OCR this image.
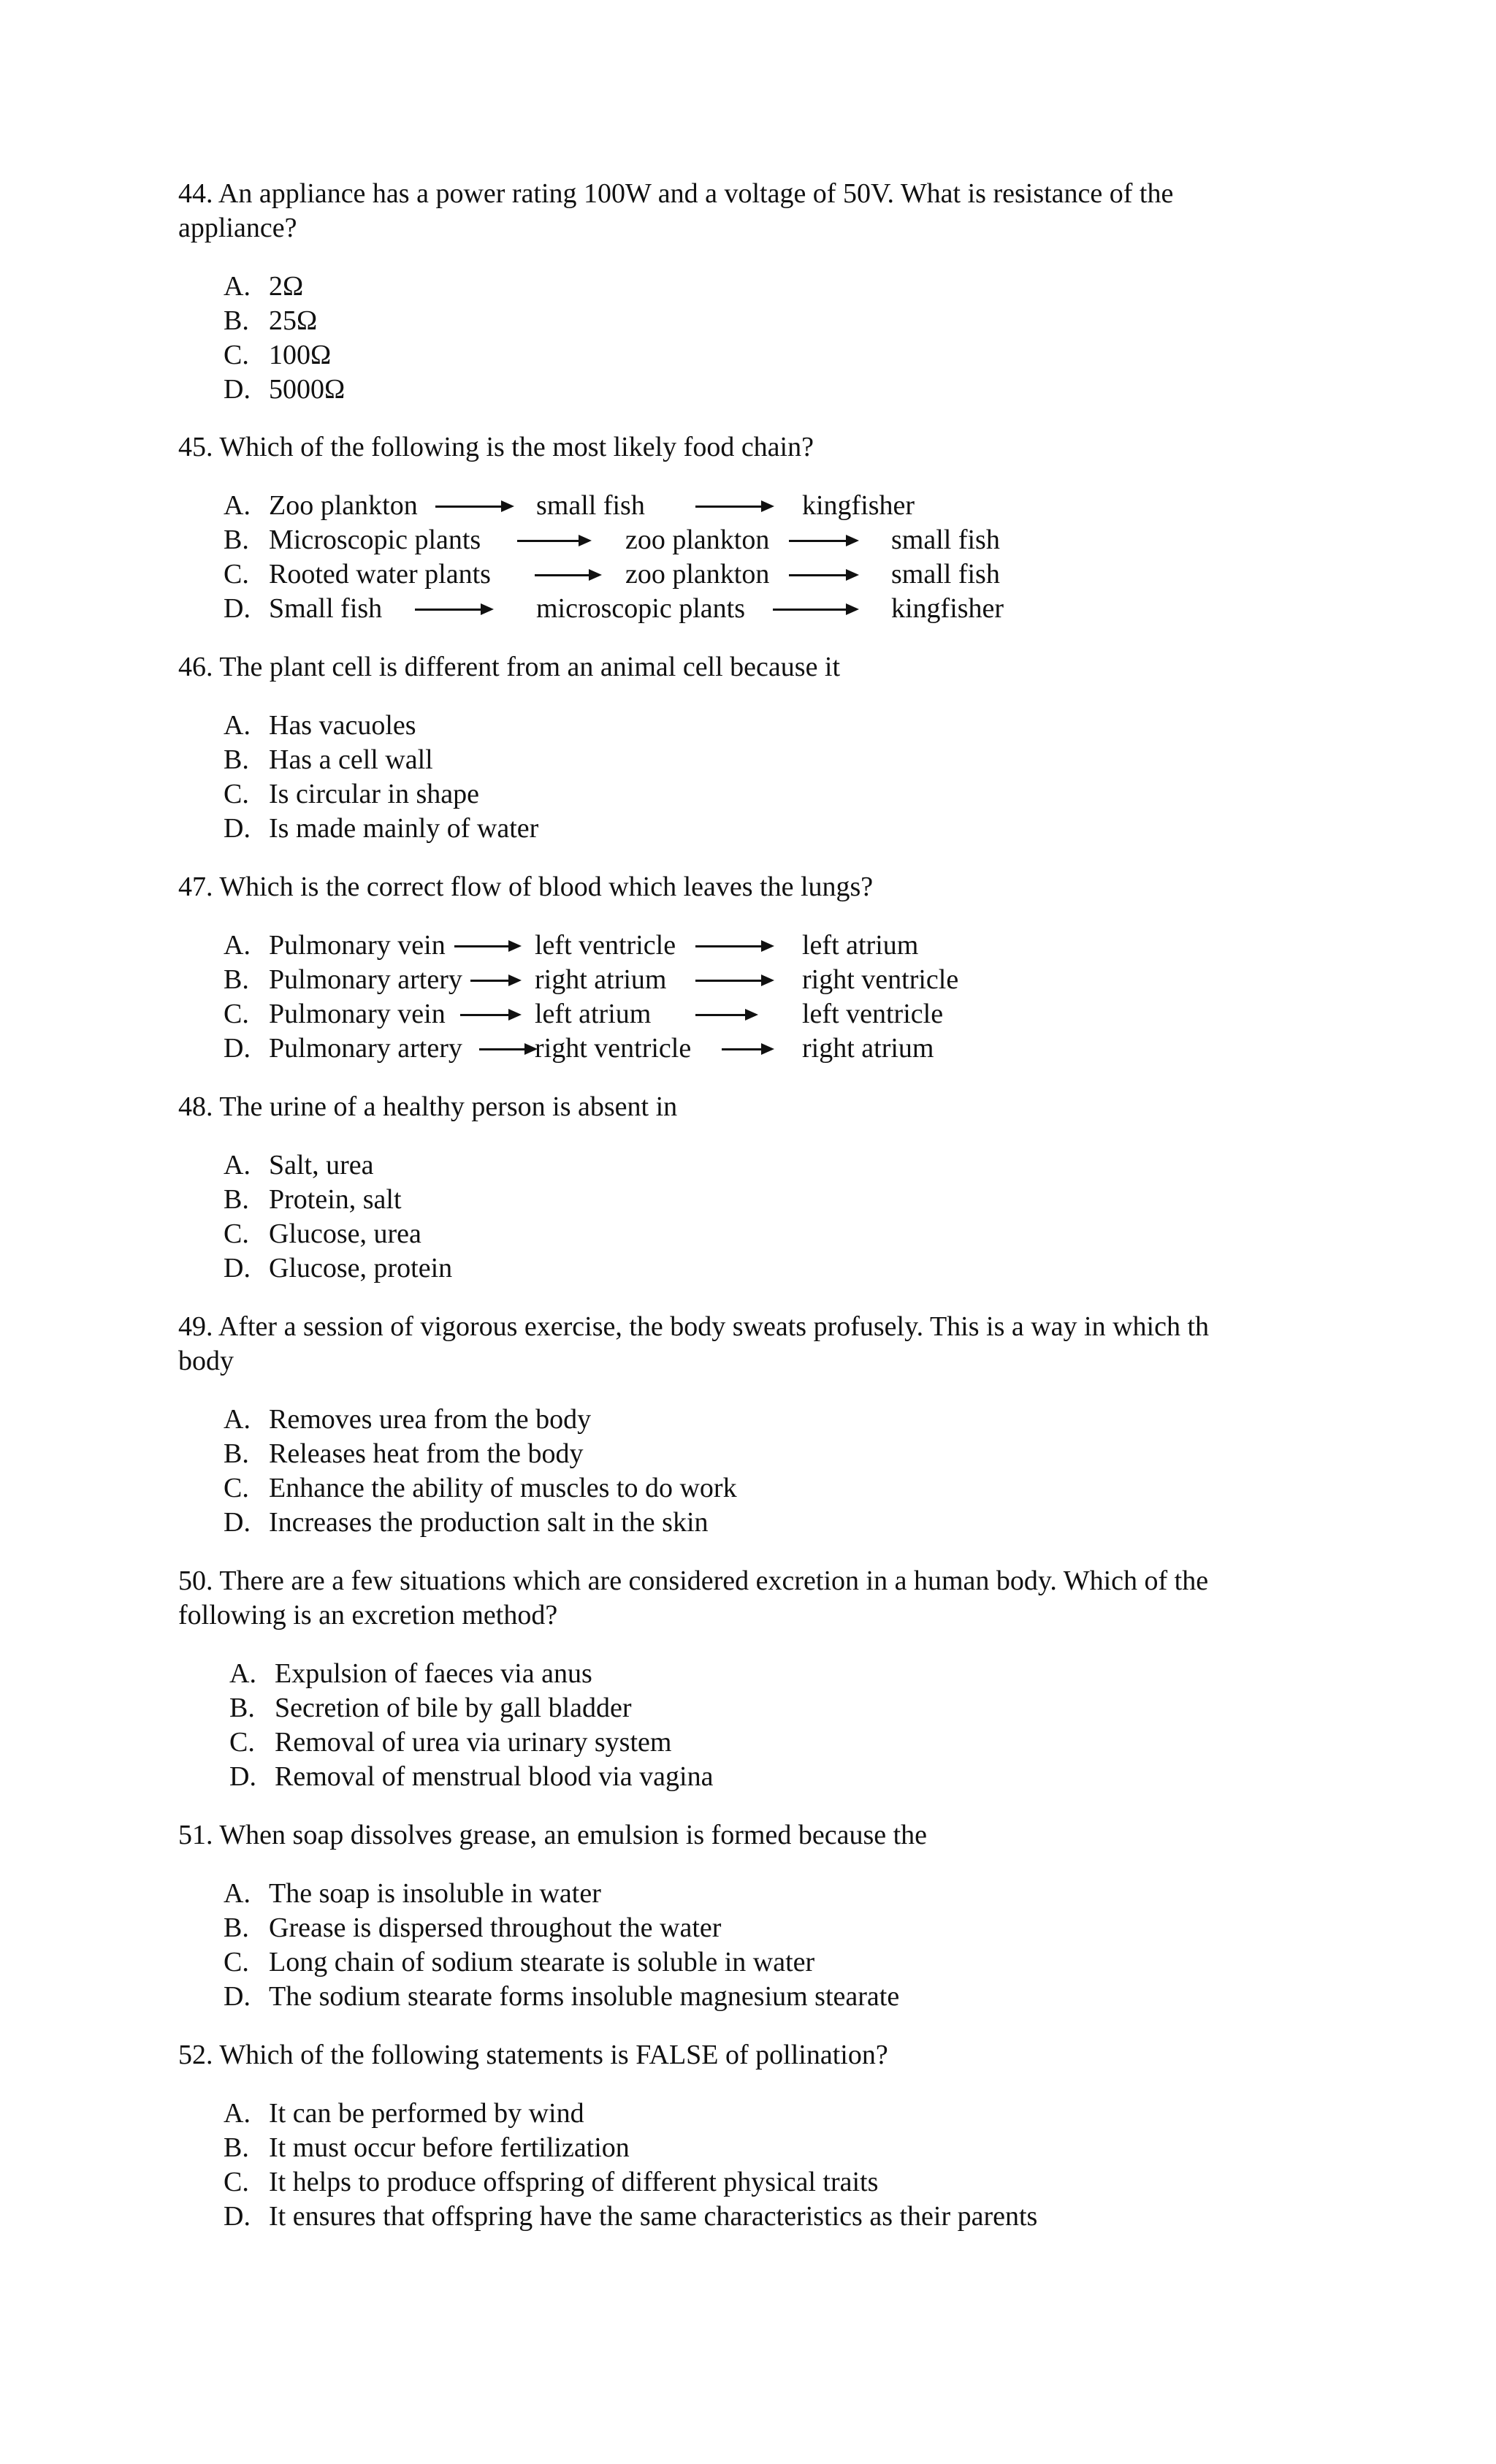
44. An appliance has a power rating 100W and a voltage of 50V. What is resistance of the
appliance?
A. 2Ω
B. 25Ω
C. 100Ω
D. 5000Ω
45. Which of the following is the most likely food chain?
A. Zoo plankton	small fish	kingfisher
B. Microscopic plants	zoo plankton	small fish
C. Rooted water plants	zoo plankton	small fish
D. Small fish	microscopic plants	kingfisher
46. The plant cell is different from an animal cell because it
A. Has vacuoles
B. Has a cell wall
C. Is circular in shape
D. Is made mainly of water
47. Which is the correct flow of blood which leaves the lungs?
A. Pulmonary vein	left ventricle	left atrium
B. Pulmonary artery	right atrium	right ventricle
C. Pulmonary vein	left atrium	left ventricle
D. Pulmonary artery	right ventricle	right atrium
48. The urine of a healthy person is absent in
A. Salt, urea
B. Protein, salt
C. Glucose, urea
D. Glucose, protein
49. After a session of vigorous exercise, the body sweats profusely. This is a way in which th
body
A. Removes urea from the body
B. Releases heat from the body
C. Enhance the ability of muscles to do work
D. Increases the production salt in the skin
50. There are a few situations which are considered excretion in a human body. Which of the
following is an excretion method?
A. Expulsion of faeces via anus
B. Secretion of bile by gall bladder
C. Removal of urea via urinary system
D. Removal of menstrual blood via vagina
51. When soap dissolves grease, an emulsion is formed because the
A. The soap is insoluble in water
B. Grease is dispersed throughout the water
C. Long chain of sodium stearate is soluble in water
D. The sodium stearate forms insoluble magnesium stearate
52. Which of the following statements is FALSE of pollination?
A. It can be performed by wind
B. It must occur before fertilization
C. It helps to produce offspring of different physical traits
D. It ensures that offspring have the same characteristics as their parents
